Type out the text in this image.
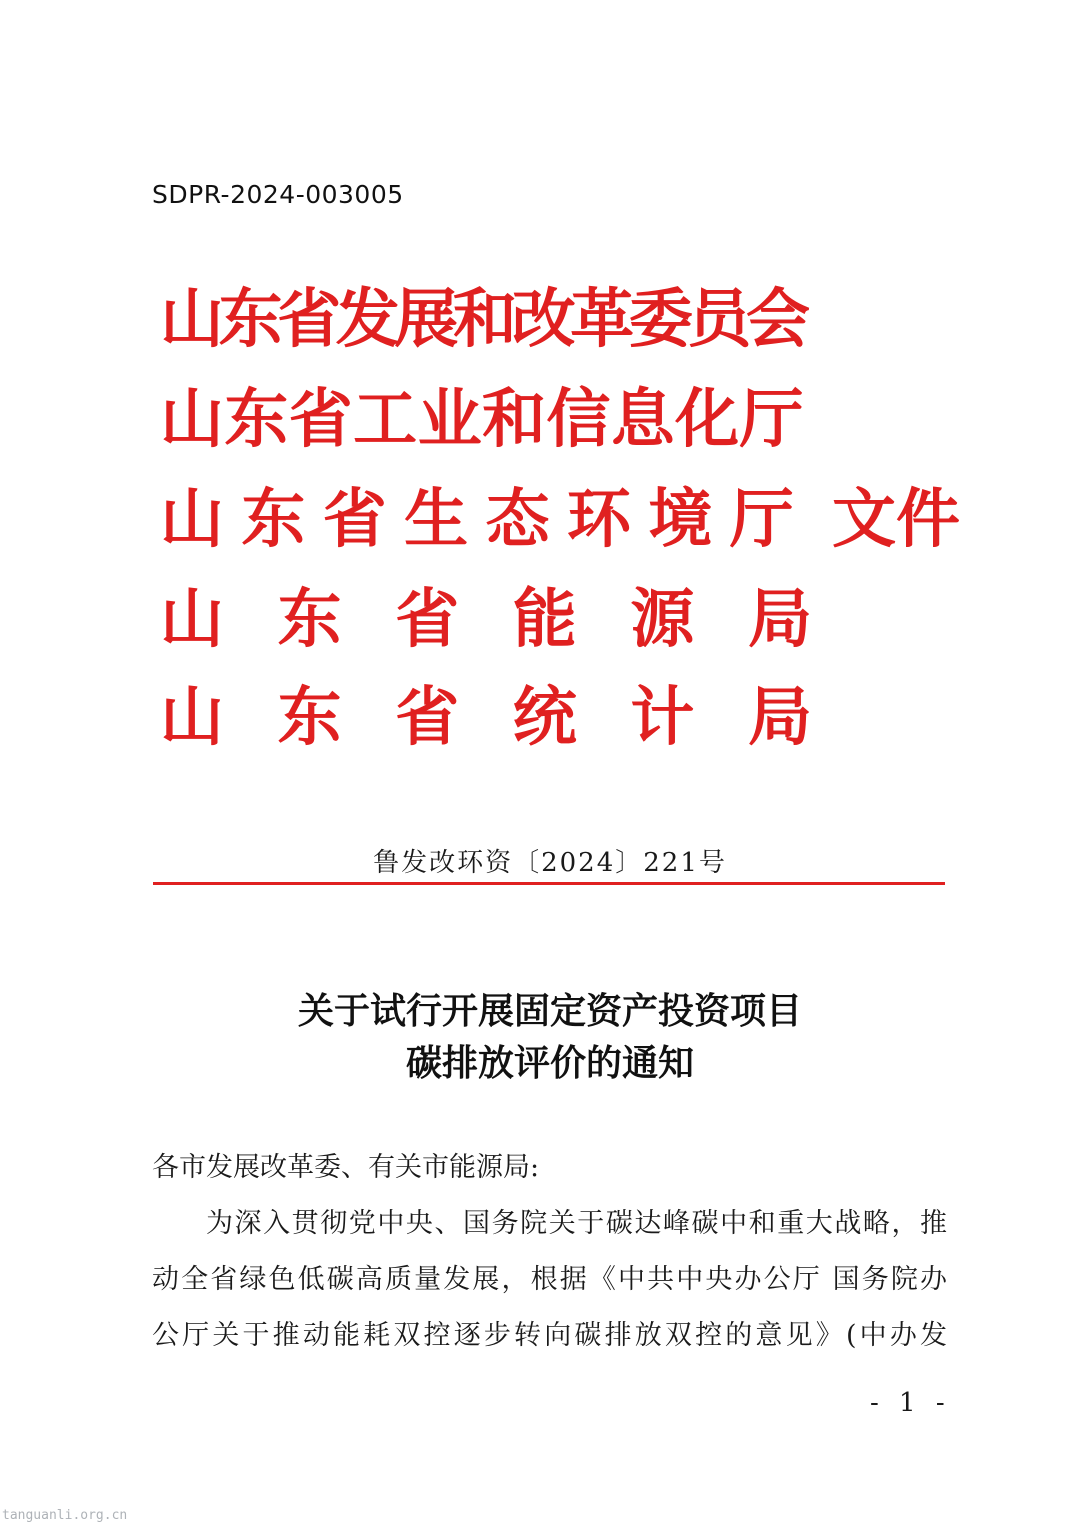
SDPR-2024-003005
山
东
省
发
展
和
改
革
委
员
会
山 东 省 工 业 和 信 息 化 厅
山 东 省 生 态 环 境 厅
山 东 省 能 源 局
山 东 省 统 计 局
文件
鲁发改环资〔2024〕221号
关于试行开展固定资产投资项目
碳排放评价的通知
各市发展改革委、有关市能源局:
为深入贯彻党中央、国务院关于碳达峰碳中和重大战略，推
动全省绿色低碳高质量发展，根据《中共中央办公厅 国务院办
公厅关于推动能耗双控逐步转向碳排放双控的意见》(中办发
- 1 -
tanguanli.org.cn
